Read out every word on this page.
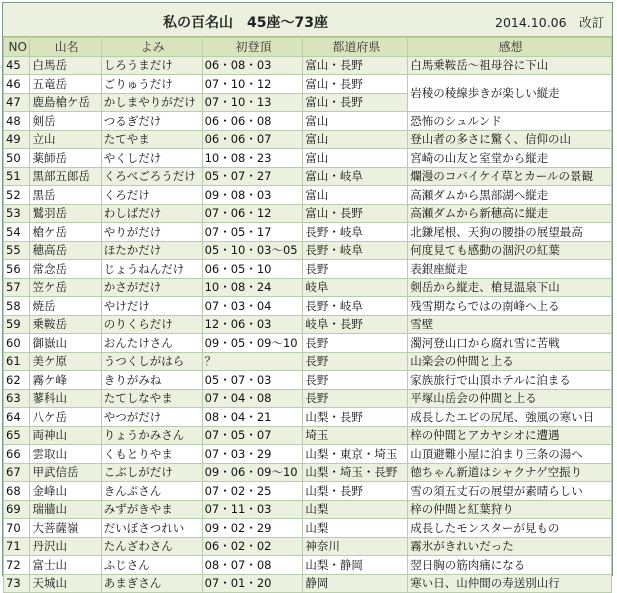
私の百名山　45座～73座	2014.10.06　改訂
NO	山名	よみ	初登頂	都道府県	感想
45	白馬岳	しろうまだけ	06・08・03	富山・長野	白馬乗鞍岳～祖母谷に下山
46	五竜岳	ごりゅうだけ	07・10・12	富山・長野	岩稜の稜線歩きが楽しい縦走
47	鹿島槍ケ岳	かしまやりがだけ	07・10・13	富山・長野	
48	剣岳	つるぎだけ	06・06・08	富山	恐怖のシュルンド
49	立山	たてやま	06・06・07	富山	登山者の多さに驚く、信仰の山
50	薬師岳	やくしだけ	10・08・23	富山	宮崎の山友と室堂から縦走
51	黒部五郎岳	くろべごろうだけ	05・07・27	富山・岐阜	爛漫のコバイケイ草とカールの景観
52	黒岳	くろだけ	09・08・03	富山	高瀬ダムから黒部湖へ縦走
53	鷲羽岳	わしばだけ	07・06・12	富山・長野	高瀬ダムから新穂高に縦走
54	槍ケ岳	やりがだけ	07・05・17	長野・岐阜	北鎌尾根、天狗の腰掛の展望最高
55	穂高岳	ほたかだけ	05・10・03～05	長野・岐阜	何度見ても感動の涸沢の紅葉
56	常念岳	じょうねんだけ	06・05・10	長野	表銀座縦走
57	笠ケ岳	かさがだけ	10・08・24	岐阜	剣岳から縦走、槍見温泉下山
58	焼岳	やけだけ	07・03・04	長野・岐阜	残雪期ならではの南峰へ上る
59	乗鞍岳	のりくらだけ	12・06・03	岐阜・長野	雪壁
60	御嶽山	おんたけさん	09・05・09～10	長野	濁河登山口から腐れ雪に苦戦
61	美ケ原	うつくしがはら	？	長野	山楽会の仲間と上る
62	霧ケ峰	きりがみね	05・07・03	長野	家族旅行で山頂ホテルに泊まる
63	蓼科山	たてしなやま	07・04・08	長野	平塚山岳会の仲間と上る
64	八ケ岳	やつがだけ	08・04・21	山梨・長野	成長したエビの尻尾、強風の寒い日
65	両神山	りょうかみさん	07・05・07	埼玉	梓の仲間とアカヤシオに遭遇
66	雲取山	くもとりやま	07・03・29	山梨・東京・埼玉	山頂避難小屋に泊まり三条の湯へ
67	甲武信岳	こぶしがだけ	09・06・09～10	山梨・埼玉・長野	徳ちゃん新道はシャクナゲ空振り
68	金峰山	きんぷさん	07・02・25	山梨・長野	雪の須五丈石の展望が素晴らしい
69	瑞牆山	みずがきやま	07・11・03	山梨	梓の仲間と紅葉狩り
70	大菩薩嶺	だいぼさつれい	09・02・29	山梨	成長したモンスターが見もの
71	丹沢山	たんざわさん	06・02・02	神奈川	霧氷がきれいだった
72	富士山	ふじさん	08・07・08	山梨・静岡	翌日胸の筋肉痛になる
73	天城山	あまぎさん	07・01・20	静岡	寒い日、山仲間の寿送別山行
